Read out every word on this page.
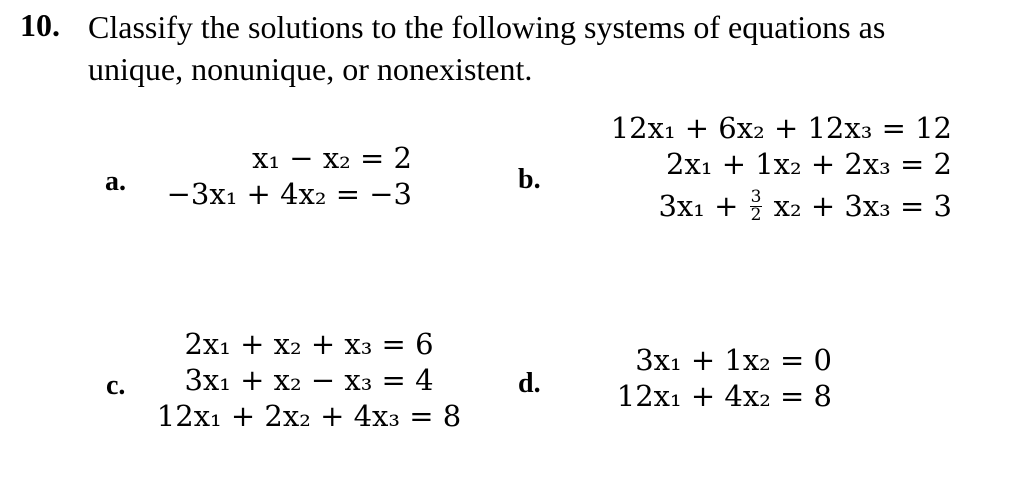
10. Classify the solutions to the following systems of equations as unique, nonunique, or nonexistent.
a.
x₁ − x₂ = 2
−3x₁ + 4x₂ = −3	b.
12x₁ + 6x₂ + 12x₃ = 12
2x₁ + 1x₂ + 2x₃ = 2
$3x_1 + \frac{3}{2} x_2 + 3x_3 = 3$
c.
2x₁ + x₂ + x₃ = 6
3x₁ + x₂ − x₃ = 4
12x₁ + 2x₂ + 4x₃ = 8
d.
3x₁ + 1x₂ = 0
12x₁ + 4x₂ = 8
